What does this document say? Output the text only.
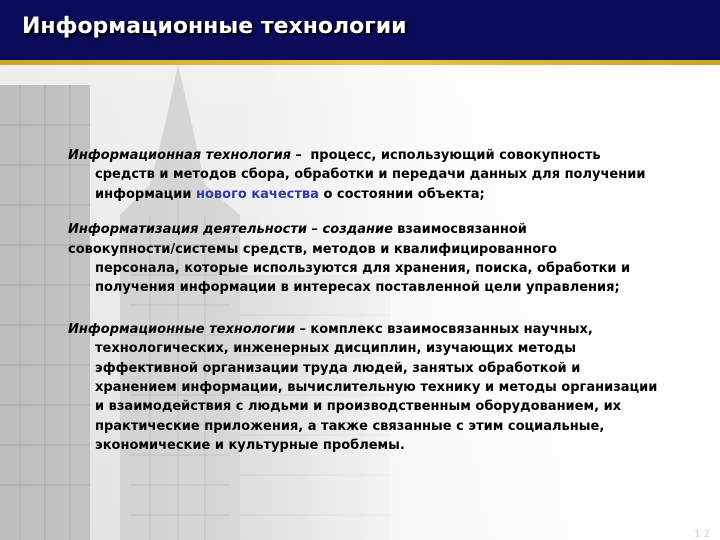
Информационные технологии

Информационная технология – процесс, использующий совокупность
средств и методов сбора, обработки и передачи данных для получении
информации нового качества о состоянии объекта;

Информатизация деятельности – создание взаимосвязанной
совокупности/системы средств, методов и квалифицированного
персонала, которые используются для хранения, поиска, обработки и
получения информации в интересах поставленной цели управления;

Информационные технологии – комплекс взаимосвязанных научных,
технологических, инженерных дисциплин, изучающих методы
эффективной организации труда людей, занятых обработкой и
хранением информации, вычислительную технику и методы организации
и взаимодействия с людьми и производственным оборудованием, их
практические приложения, а также связанные с этим социальные,
экономические и культурные проблемы.

1 2
